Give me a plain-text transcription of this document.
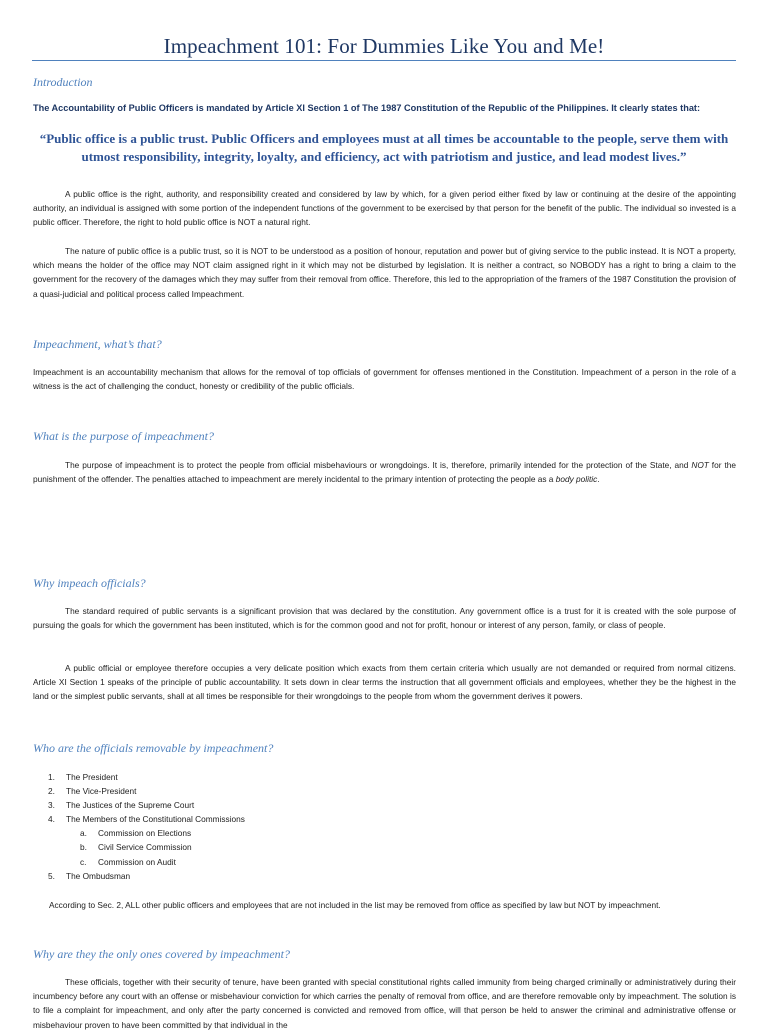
Impeachment 101: For Dummies Like You and Me!
Introduction
The Accountability of Public Officers is mandated by Article XI Section 1 of The 1987 Constitution of the Republic of the Philippines. It clearly states that:
“Public office is a public trust. Public Officers and employees must at all times be accountable to the people, serve them with utmost responsibility, integrity, loyalty, and efficiency, act with patriotism and justice, and lead modest lives.”
A public office is the right, authority, and responsibility created and considered by law by which, for a given period either fixed by law or continuing at the desire of the appointing authority, an individual is assigned with some portion of the independent functions of the government to be exercised by that person for the benefit of the public. The individual so invested is a public officer. Therefore, the right to hold public office is NOT a natural right.
The nature of public office is a public trust, so it is NOT to be understood as a position of honour, reputation and power but of giving service to the public instead. It is NOT a property, which means the holder of the office may NOT claim assigned right in it which may not be disturbed by legislation. It is neither a contract, so NOBODY has a right to bring a claim to the government for the recovery of the damages which they may suffer from their removal from office. Therefore, this led to the appropriation of the framers of the 1987 Constitution the provision of a quasi-judicial and political process called Impeachment.
Impeachment, what’s that?
Impeachment is an accountability mechanism that allows for the removal of top officials of government for offenses mentioned in the Constitution. Impeachment of a person in the role of a witness is the act of challenging the conduct, honesty or credibility of the public officials.
What is the purpose of impeachment?
The purpose of impeachment is to protect the people from official misbehaviours or wrongdoings. It is, therefore, primarily intended for the protection of the State, and NOT for the punishment of the offender. The penalties attached to impeachment are merely incidental to the primary intention of protecting the people as a body politic.
Why impeach officials?
The standard required of public servants is a significant provision that was declared by the constitution. Any government office is a trust for it is created with the sole purpose of pursuing the goals for which the government has been instituted, which is for the common good and not for profit, honour or interest of any person, family, or class of people.
A public official or employee therefore occupies a very delicate position which exacts from them certain criteria which usually are not demanded or required from normal citizens. Article XI Section 1 speaks of the principle of public accountability. It sets down in clear terms the instruction that all government officials and employees, whether they be the highest in the land or the simplest public servants, shall at all times be responsible for their wrongdoings to the people from whom the government derives it powers.
Who are the officials removable by impeachment?
1. The President
2. The Vice-President
3. The Justices of the Supreme Court
4. The Members of the Constitutional Commissions
a. Commission on Elections
b. Civil Service Commission
c. Commission on Audit
5. The Ombudsman
According to Sec. 2, ALL other public officers and employees that are not included in the list may be removed from office as specified by law but NOT by impeachment.
Why are they the only ones covered by impeachment?
These officials, together with their security of tenure, have been granted with special constitutional rights called immunity from being charged criminally or administratively during their incumbency before any court with an offense or misbehaviour conviction for which carries the penalty of removal from office, and are therefore removable only by impeachment. The solution is to file a complaint for impeachment, and only after the party concerned is convicted and removed from office, will that person be held to answer the criminal and administrative offense or misbehaviour proven to have been committed by that individual in the
